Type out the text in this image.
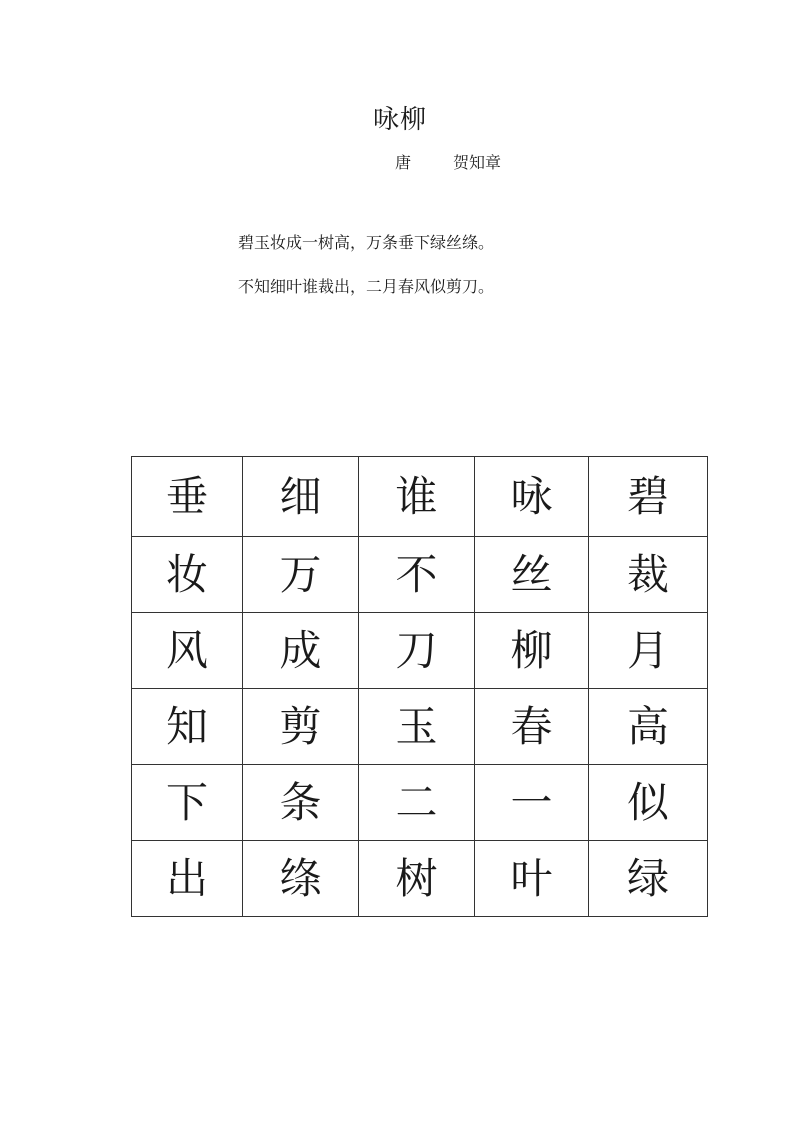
咏柳
唐	贺知章
碧玉妆成一树高，万条垂下绿丝绦。
不知细叶谁裁出，二月春风似剪刀。
垂	细	谁	咏	碧
妆	万	不	丝	裁
风	成	刀	柳	月
知	剪	玉	春	高
下	条	二	一	似
出	绦	树	叶	绿
